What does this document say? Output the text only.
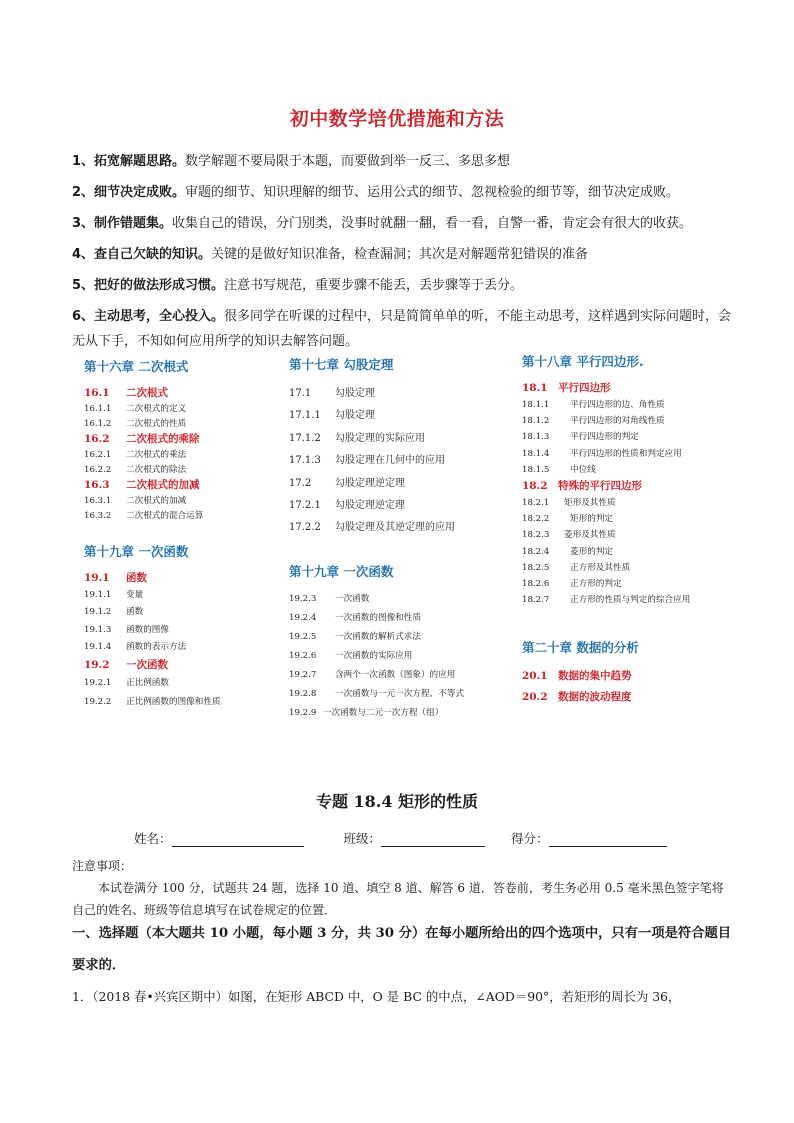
初中数学培优措施和方法
1、拓宽解题思路。数学解题不要局限于本题，而要做到举一反三、多思多想
2、细节决定成败。审题的细节、知识理解的细节、运用公式的细节、忽视检验的细节等，细节决定成败。
3、制作错题集。收集自己的错误，分门别类，没事时就翻一翻，看一看，自警一番，肯定会有很大的收获。
4、查自己欠缺的知识。关键的是做好知识准备，检查漏洞；其次是对解题常犯错误的准备
5、把好的做法形成习惯。注意书写规范，重要步骤不能丢，丢步骤等于丢分。
6、主动思考，全心投入。很多同学在听课的过程中，只是简简单单的听，不能主动思考，这样遇到实际问题时，会无从下手，不知如何应用所学的知识去解答问题。
第十六章 二次根式
16.1 二次根式
16.1.1 二次根式的定义
16.1.2 二次根式的性质
16.2 二次根式的乘除
16.2.1 二次根式的乘法
16.2.2 二次根式的除法
16.3 二次根式的加减
16.3.1 二次根式的加减
16.3.2 二次根式的混合运算
第十九章 一次函数
19.1 函数
19.1.1 变量
19.1.2 函数
19.1.3 函数的图像
19.1.4 函数的表示方法
19.2 一次函数
19.2.1 正比例函数
19.2.2 正比例函数的图像和性质
第十七章 勾股定理
17.1 勾股定理
17.1.1 勾股定理
17.1.2 勾股定理的实际应用
17.1.3 勾股定理在几何中的应用
17.2 勾股定理逆定理
17.2.1 勾股定理逆定理
17.2.2 勾股定理及其逆定理的应用
第十九章 一次函数
19.2.3 一次函数
19.2.4 一次函数的图像和性质
19.2.5 一次函数的解析式求法
19.2.6 一次函数的实际应用
19.2.7 含两个一次函数（图象）的应用
19.2.8 一次函数与一元一次方程、不等式
19.2.9 一次函数与二元一次方程（组）
第十八章 平行四边形.
18.1 平行四边形
18.1.1 平行四边形的边、角性质
18.1.2 平行四边形的对角线性质
18.1.3 平行四边形的判定
18.1.4 平行四边形的性质和判定应用
18.1.5 中位线
18.2 特殊的平行四边形
18.2.1 矩形及其性质
18.2.2 矩形的判定
18.2.3 菱形及其性质
18.2.4 菱形的判定
18.2.5 正方形及其性质
18.2.6 正方形的判定
18.2.7 正方形的性质与判定的综合应用
第二十章 数据的分析
20.1 数据的集中趋势
20.2 数据的波动程度
专题 18.4 矩形的性质
姓名：	班级：	得分：
注意事项：
本试卷满分 100 分，试题共 24 题，选择 10 道、填空 8 道、解答 6 道．答卷前，考生务必用 0.5 毫米黑色签字笔将自己的姓名、班级等信息填写在试卷规定的位置．
一、选择题（本大题共 10 小题，每小题 3 分，共 30 分）在每小题所给出的四个选项中，只有一项是符合题目要求的．
1．（2018 春•兴宾区期中）如图，在矩形 ABCD 中，O 是 BC 的中点，∠AOD＝90°，若矩形的周长为 36，
